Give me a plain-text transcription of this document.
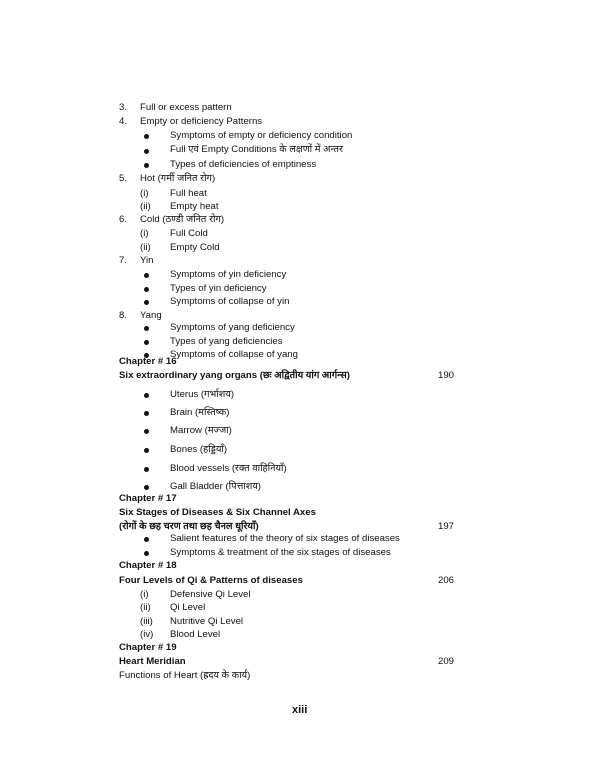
3. Full or excess pattern
4. Empty or deficiency Patterns
Symptoms of empty or deficiency condition
Full एवं Empty Conditions के लक्षणों में अन्तर
Types of deficiencies of emptiness
5. Hot (गर्मी जनित रोग)
(i) Full heat
(ii) Empty heat
6. Cold (ठण्डी जनित रोग)
(i) Full Cold
(ii) Empty Cold
7. Yin
Symptoms of yin deficiency
Types of yin deficiency
Symptoms of collapse of yin
8. Yang
Symptoms of yang deficiency
Types of yang deficiencies
Symptoms of collapse of yang
Chapter # 16
Six extraordinary yang organs (छः अद्वितीय यांग आर्गन्स)	190
Uterus (गर्भाशय)
Brain (मस्तिष्क)
Marrow (मज्जा)
Bones (हड्डियाँ)
Blood vessels (रक्त वाहिनियाँ)
Gall Bladder (पित्ताशय)
Chapter # 17
Six Stages of Diseases & Six Channel Axes
(रोगों के छह चरण तथा छह चैनल धूरियाँ)	197
Salient features of the theory of six stages of diseases
Symptoms & treatment of the six stages of diseases
Chapter # 18
Four Levels of Qi & Patterns of diseases	206
(i) Defensive Qi Level
(ii) Qi Level
(iii) Nutritive Qi Level
(iv) Blood Level
Chapter # 19
Heart Meridian	209
Functions of Heart (ह्रदय के कार्य)
xiii
